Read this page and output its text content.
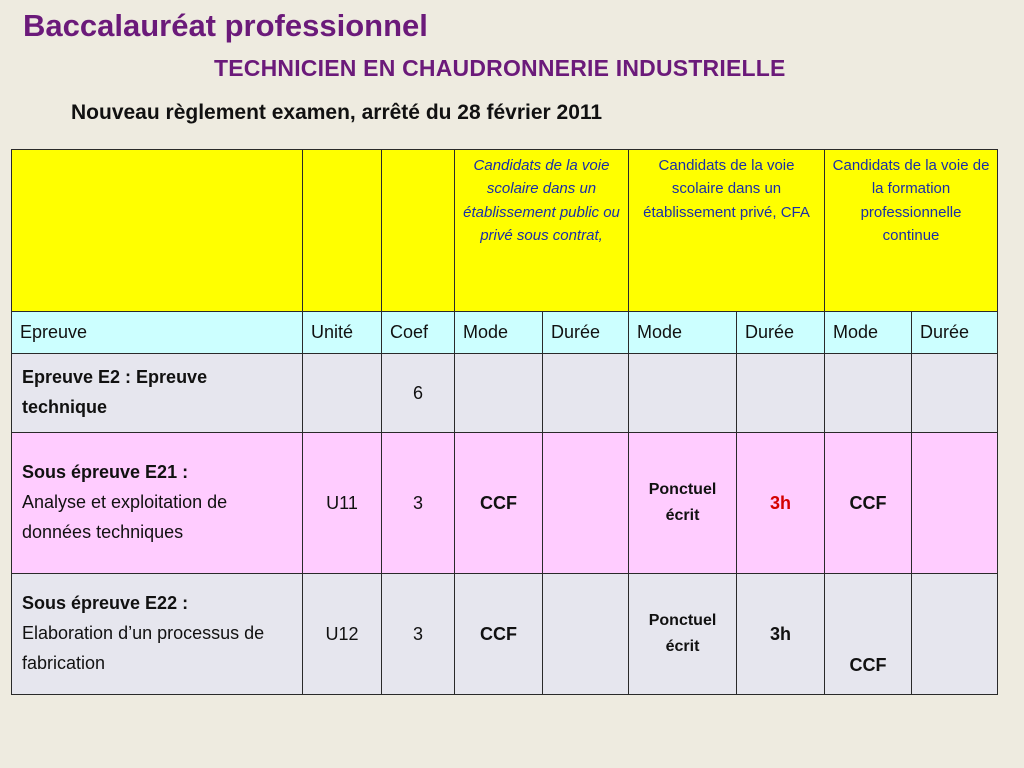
Baccalauréat professionnel
TECHNICIEN EN CHAUDRONNERIE INDUSTRIELLE

Nouveau règlement examen, arrêté du 28 février 2011

			Candidats de la voie scolaire dans un établissement public ou privé sous contrat,		Candidats de la voie scolaire dans un établissement privé, CFA		Candidats de la voie de la formation professionnelle continue	
Epreuve	Unité	Coef	Mode	Durée	Mode	Durée	Mode	Durée
Epreuve E2 : Epreuve technique		6						

Sous épreuve E21 :
Analyse et exploitation de données techniques	U11	3	CCF		Ponctuel écrit	3h	CCF	

Sous épreuve E22 :
Elaboration d’un processus de fabrication	U12	3	CCF		Ponctuel écrit	3h	CCF	
